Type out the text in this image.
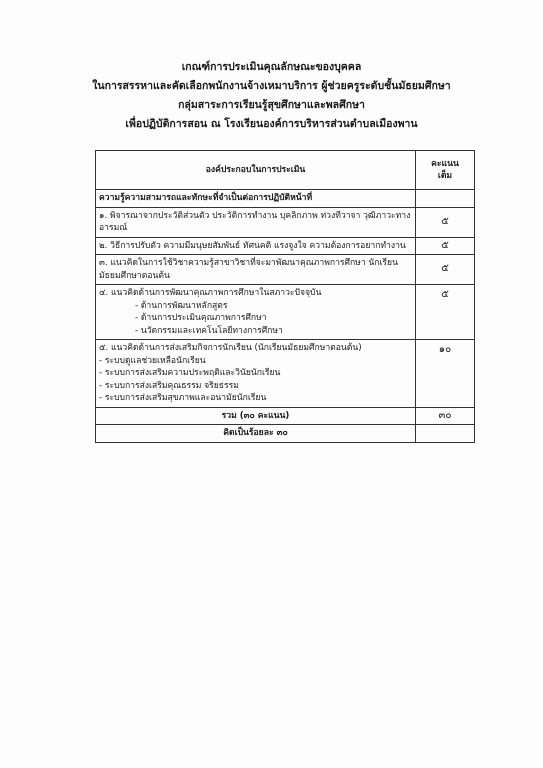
เกณฑ์การประเมินคุณลักษณะของบุคคล
ในการสรรหาและคัดเลือกพนักงานจ้างเหมาบริการ ผู้ช่วยครูระดับชั้นมัธยมศึกษา
กลุ่มสาระการเรียนรู้สุขศึกษาและพลศึกษา
เพื่อปฏิบัติการสอน ณ โรงเรียนองค์การบริหารส่วนตำบลเมืองพาน
องค์ประกอบในการประเมิน	คะแนน
เต็ม

ความรู้ความสามารถและทักษะที่จำเป็นต่อการปฏิบัติหน้าที่	

๑. พิจารณาจากประวัติส่วนตัว ประวัติการทำงาน บุคลิกภาพ ท่วงทีวาจา วุฒิภาวะทาง
อารมณ์	๕
๒. วิธีการปรับตัว ความมีมนุษยสัมพันธ์ ทัศนคติ แรงจูงใจ ความต้องการอยากทำงาน	๕

๓. แนวคิดในการใช้วิชาความรู้สาขาวิชาที่จะมาพัฒนาคุณภาพการศึกษา นักเรียน
มัธยมศึกษาตอนต้น	๕

๔. แนวคิดด้านการพัฒนาคุณภาพการศึกษาในสภาวะปัจจุบัน
- ด้านการพัฒนาหลักสูตร
- ด้านการประเมินคุณภาพการศึกษา
- นวัตกรรมและเทคโนโลยีทางการศึกษา	๕

๕. แนวคิดด้านการส่งเสริมกิจการนักเรียน (นักเรียนมัธยมศึกษาตอนต้น)
- ระบบดูแลช่วยเหลือนักเรียน
- ระบบการส่งเสริมความประพฤติและวินัยนักเรียน
- ระบบการส่งเสริมคุณธรรม จริยธรรม
- ระบบการส่งเสริมสุขภาพและอนามัยนักเรียน	๑๐
รวม (๓๐ คะแนน)	๓๐
คิดเป็นร้อยละ ๓๐	
